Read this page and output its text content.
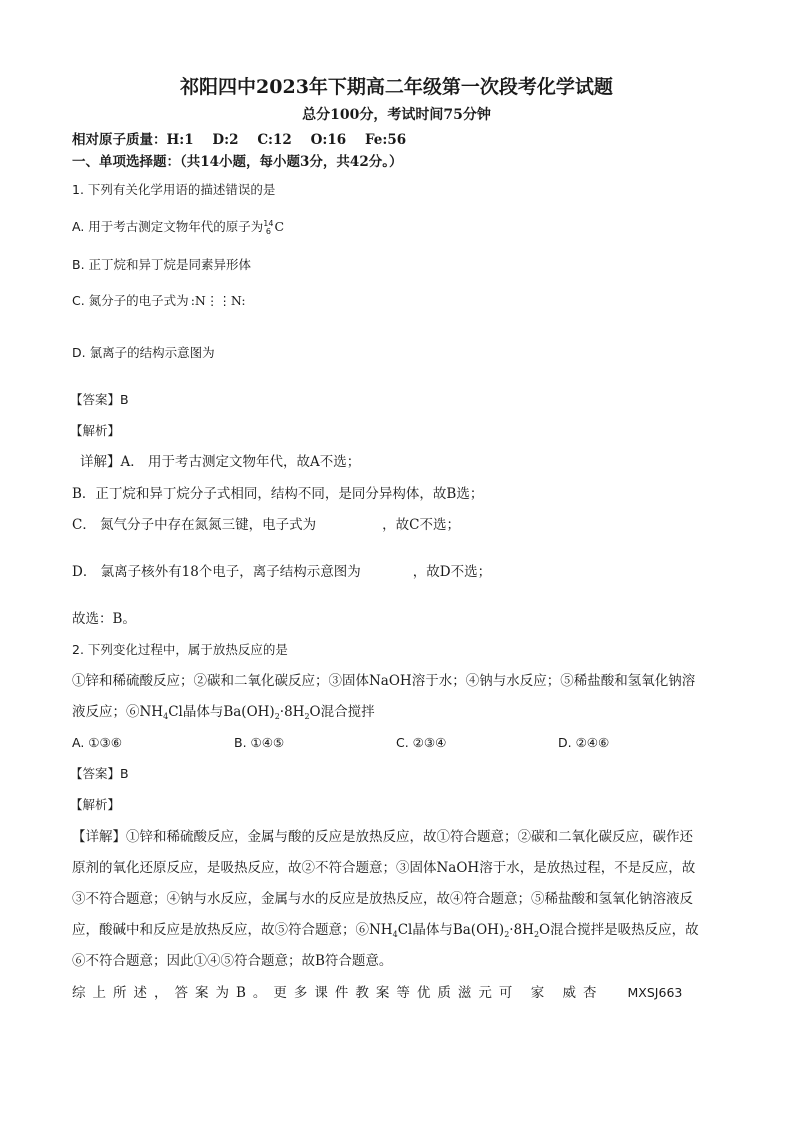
祁阳四中2023年下期高二年级第一次段考化学试题
总分100分，考试时间75分钟
相对原子质量：H:1    D:2    C:12    O:16    Fe:56
一、单项选择题：（共14小题，每小题3分，共42分。）
1. 下列有关化学用语的描述错误的是
A. 用于考古测定文物年代的原子为 14
6 C
B. 正丁烷和异丁烷是同素异形体
C. 氮分子的电子式为 :N⋮⋮N:
D. 氯离子的结构示意图为
【答案】B
【解析】
详解】A． 用于考古测定文物年代，故A不选；
B．正丁烷和异丁烷分子式相同，结构不同，是同分异构体，故B选；
C． 氮气分子中存在氮氮三键，电子式为	，故C不选；
D． 氯离子核外有18个电子，离子结构示意图为	，故D不选；
故选：B。
2. 下列变化过程中，属于放热反应的是
①锌和稀硫酸反应；②碳和二氧化碳反应；③固体NaOH溶于水；④钠与水反应；⑤稀盐酸和氢氧化钠溶
液反应；$⑥NH_4Cl$晶体与$Ba(OH)_2\cdot 8H_2O$混合搅拌
A. ①③⑥	B. ①④⑤	C. ②③④	D. ②④⑥
【答案】B
【解析】
【详解】①锌和稀硫酸反应，金属与酸的反应是放热反应，故①符合题意；②碳和二氧化碳反应，碳作还
原剂的氧化还原反应，是吸热反应，故②不符合题意；③固体NaOH溶于水，是放热过程，不是反应，故
③不符合题意；④钠与水反应，金属与水的反应是放热反应，故④符合题意；⑤稀盐酸和氢氧化钠溶液反
应，酸碱中和反应是放热反应，故⑤符合题意；$⑥NH_4Cl$晶体与$Ba(OH)_2\cdot 8H_2O$混合搅拌是吸热反应，故
⑥不符合题意；因此①④⑤符合题意；故B符合题意。
综上所述，答案为B。更多课件教案等优质滋元可 家 威杏 MXSJ663
